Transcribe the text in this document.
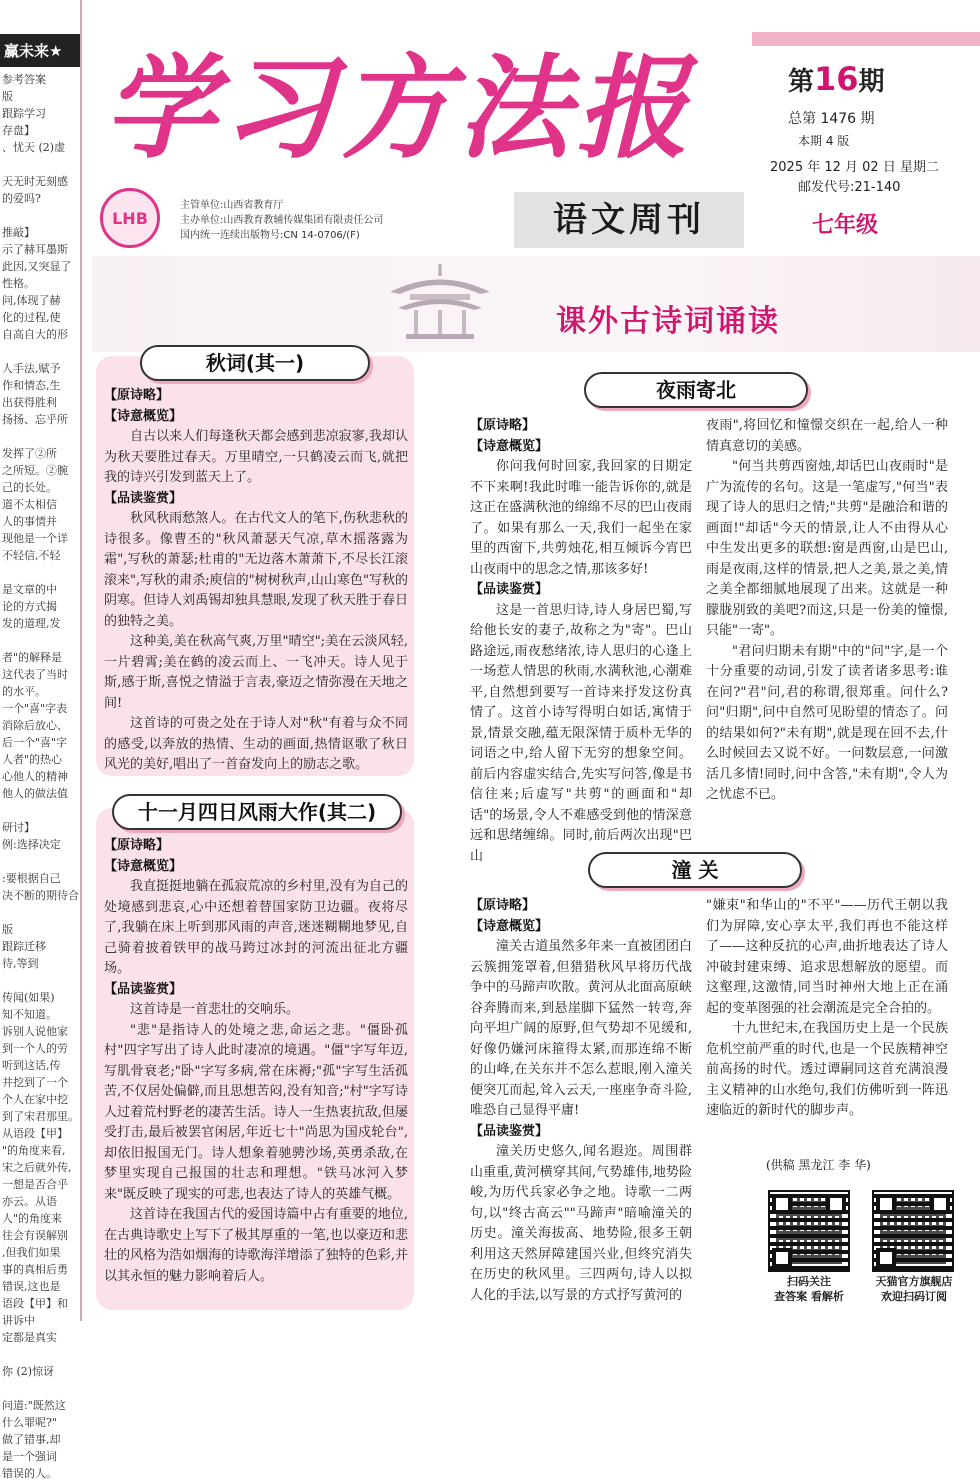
赢未来★
参考答案
版
跟踪学习
存盘】
、忧天 (2)虚

天无时无刻感
的爱吗?

推敲】
示了赫耳墨斯
此因,又突显了
性格。
问,体现了赫
化的过程,使
自高自大的形

人手法,赋予
作和情态,生
出获得胜利
扬扬、忘乎所

发挥了②所
之所短。②腕
己的长处。
道不太相信
人的事情并
现他是一个详
不轻信,不轻

是文章的中
论的方式揭
发的道理,发

者"的解释是
这代表了当时
的水平。
一个"喜"字表
消除后放心、
后一个"喜"字
人者"的热心
心他人的精神
他人的做法值

研讨】
例:选择决定

:要根据自己
决不断的期待合

版
跟踪迁移
待,等到

传闻(如果)
知不知道。
诉别人说他家
到一个人的劳
听到这话,传
井挖到了一个
个人在家中挖
到了宋君那里。
从语段【甲】
"的角度来看,
宋之后就外传,
一想是否合乎
亦云。从语
人"的角度来
往会有误解别
,但我们如果
事的真相后勇
错误,这也是
语段【甲】和
讲诉中
定都是真实

你 (2)惊讶

问道:"既然这
什么罪呢?"
做了错事,却
是一个强词
错误的人。
学习方法报	第16期
总第 1476 期
本期 4 版
2025 年 12 月 02 日 星期二
邮发代号:21-140
LHB
主管单位:山西省教育厅
主办单位:山西教育教辅传媒集团有限责任公司
国内统一连续出版物号:CN 14-0706/(F)	语文周刊	七年级
课外古诗词诵读
秋词(其一)
【原诗略】
【诗意概览】

自古以来人们每逢秋天都会感到悲凉寂寥,我却认为秋天要胜过春天。万里晴空,一只鹤凌云而飞,就把我的诗兴引发到蓝天上了。

【品读鉴赏】

秋风秋雨愁煞人。在古代文人的笔下,伤秋悲秋的诗很多。像曹丕的"秋风萧瑟天气凉,草木摇落露为霜",写秋的萧瑟;杜甫的"无边落木萧萧下,不尽长江滚滚来",写秋的肃杀;庾信的"树树秋声,山山寒色"写秋的阴寒。但诗人刘禹锡却独具慧眼,发现了秋天胜于春日的独特之美。

这种美,美在秋高气爽,万里"晴空";美在云淡风轻,一片碧霄;美在鹤的凌云而上、一飞冲天。诗人见于斯,感于斯,喜悦之情溢于言表,豪迈之情弥漫在天地之间!

这首诗的可贵之处在于诗人对"秋"有着与众不同的感受,以奔放的热情、生动的画面,热情讴歌了秋日风光的美好,唱出了一首奋发向上的励志之歌。

十一月四日风雨大作(其二)
【原诗略】
【诗意概览】

我直挺挺地躺在孤寂荒凉的乡村里,没有为自己的处境感到悲哀,心中还想着替国家防卫边疆。夜将尽了,我躺在床上听到那风雨的声音,迷迷糊糊地梦见,自己骑着披着铁甲的战马跨过冰封的河流出征北方疆场。

【品读鉴赏】

这首诗是一首悲壮的交响乐。

"悲"是指诗人的处境之悲,命运之悲。"僵卧孤村"四字写出了诗人此时凄凉的境遇。"僵"字写年迈,写肌骨衰老;"卧"字写多病,常在床褥;"孤"字写生活孤苦,不仅居处偏僻,而且思想苦闷,没有知音;"村"字写诗人过着荒村野老的凄苦生活。诗人一生热衷抗敌,但屡受打击,最后被罢官闲居,年近七十"尚思为国戍轮台",却依旧报国无门。诗人想象着驰骋沙场,英勇杀敌,在梦里实现自己报国的壮志和理想。"铁马冰河入梦来"既反映了现实的可悲,也表达了诗人的英雄气概。

这首诗在我国古代的爱国诗篇中占有重要的地位,在古典诗歌史上写下了极其厚重的一笔,也以豪迈和悲壮的风格为浩如烟海的诗歌海洋增添了独特的色彩,并以其永恒的魅力影响着后人。

夜雨寄北
【原诗略】
【诗意概览】

你问我何时回家,我回家的日期定不下来啊!我此时唯一能告诉你的,就是这正在盛满秋池的绵绵不尽的巴山夜雨了。如果有那么一天,我们一起坐在家里的西窗下,共剪烛花,相互倾诉今宵巴山夜雨中的思念之情,那该多好!

【品读鉴赏】

这是一首思归诗,诗人身居巴蜀,写给他长安的妻子,故称之为"寄"。巴山路途远,雨夜愁绪浓,诗人思归的心逢上一场惹人情思的秋雨,水满秋池,心潮难平,自然想到要写一首诗来抒发这份真情了。这首小诗写得明白如话,寓情于景,情景交融,蕴无限深情于质朴无华的词语之中,给人留下无穷的想象空间。前后内容虚实结合,先实写问答,像是书信往来;后虚写"共剪"的画面和"却话"的场景,令人不难感受到他的情深意远和思绪缠绵。同时,前后两次出现"巴山

夜雨",将回忆和憧憬交织在一起,给人一种情真意切的美感。

"何当共剪西窗烛,却话巴山夜雨时"是广为流传的名句。这是一笔虚写,"何当"表现了诗人的思归之情;"共剪"是融洽和谐的画面!"却话"今天的情景,让人不由得从心中生发出更多的联想:窗是西窗,山是巴山,雨是夜雨,这样的情景,把人之美,景之美,情之美全都细腻地展现了出来。这就是一种朦胧别致的美吧?而这,只是一份美的憧憬,只能"一寄"。

"君问归期未有期"中的"问"字,是一个十分重要的动词,引发了读者诸多思考:谁在问?"君"问,君的称谓,很郑重。问什么?问"归期",问中自然可见盼望的情态了。问的结果如何?"未有期",就是现在回不去,什么时候回去又说不好。一问数层意,一问激活几多情!同时,问中含答,"未有期",令人为之忧虑不已。

潼 关
【原诗略】
【诗意概览】

潼关古道虽然多年来一直被团团白云簇拥笼罩着,但猎猎秋风早将历代战争中的马蹄声吹散。黄河从北面高原峡谷奔腾而来,到悬崖脚下猛然一转弯,奔向平坦广阔的原野,但气势却不见缓和,好像仍嫌河床箍得太紧,而那连绵不断的山峰,在关东并不怎么惹眼,刚入潼关便突兀而起,耸入云天,一座座争奇斗险,唯恐自己显得平庸!

【品读鉴赏】

潼关历史悠久,闻名遐迩。周围群山重重,黄河横穿其间,气势雄伟,地势险峻,为历代兵家必争之地。诗歌一二两句,以"终古高云""马蹄声"暗喻潼关的历史。潼关海拔高、地势险,很多王朝利用这天然屏障建国兴业,但终究消失在历史的秋风里。三四两句,诗人以拟人化的手法,以写景的方式抒写黄河的

"嫌束"和华山的"不平"——历代王朝以我们为屏障,安心享太平,我们再也不能这样了——这种反抗的心声,曲折地表达了诗人冲破封建束缚、追求思想解放的愿望。而这壑理,这激情,同当时神州大地上正在涌起的变革图强的社会潮流是完全合拍的。

十九世纪末,在我国历史上是一个民族危机空前严重的时代,也是一个民族精神空前高扬的时代。透过谭嗣同这首充满浪漫主义精神的山水绝句,我们仿佛听到一阵迅速临近的新时代的脚步声。

(供稿 黑龙江 李 华)
扫码关注
查答案 看解析
天猫官方旗舰店
欢迎扫码订阅
